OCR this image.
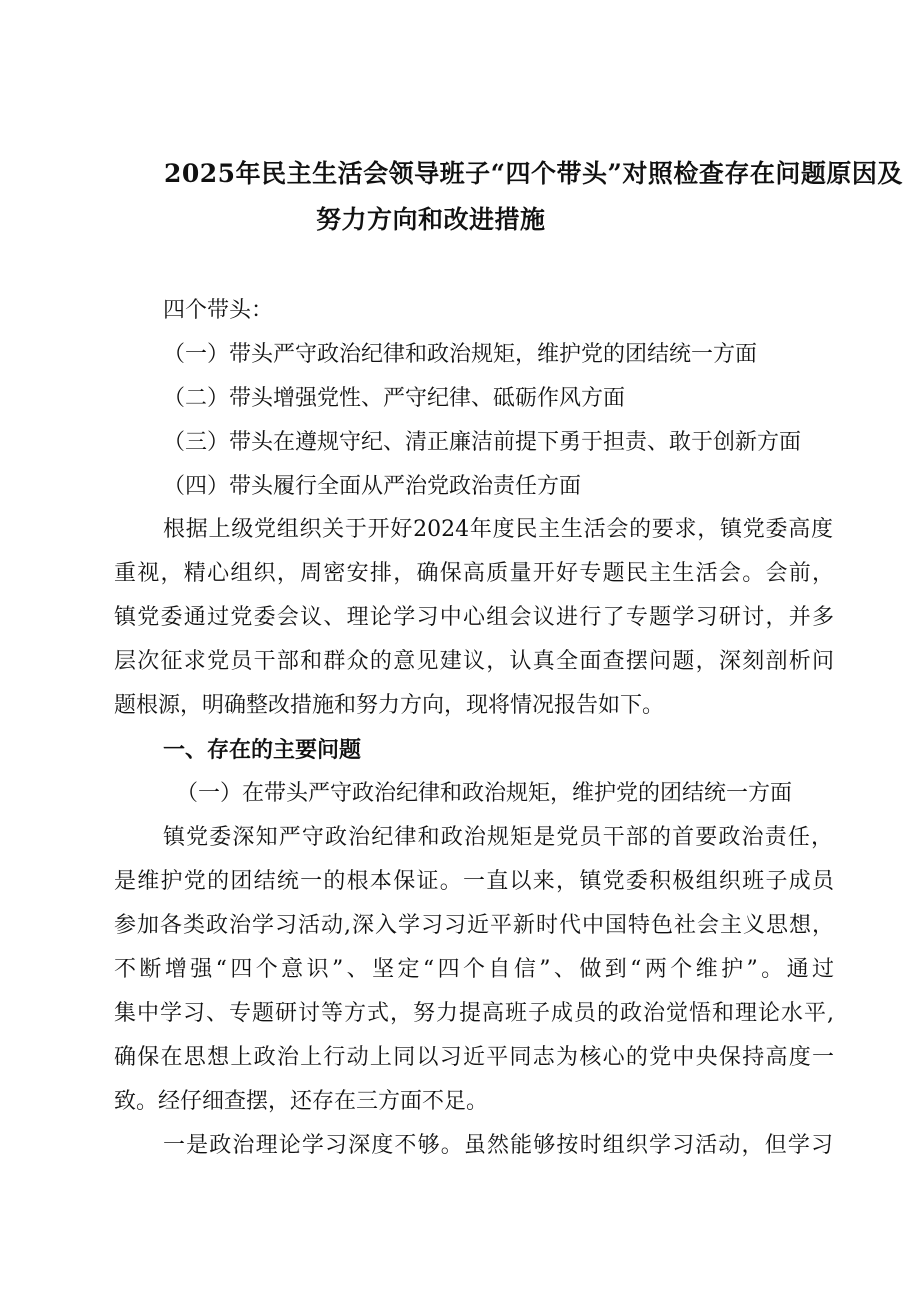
2025年民主生活会领导班子“四个带头”对照检查存在问题原因及
努力方向和改进措施
四个带头：
（一）带头严守政治纪律和政治规矩，维护党的团结统一方面
（二）带头增强党性、严守纪律、砥砺作风方面
（三）带头在遵规守纪、清正廉洁前提下勇于担责、敢于创新方面
（四）带头履行全面从严治党政治责任方面
根据上级党组织关于开好2024年度民主生活会的要求，镇党委高度
重视，精心组织，周密安排，确保高质量开好专题民主生活会。会前，
镇党委通过党委会议、理论学习中心组会议进行了专题学习研讨，并多
层次征求党员干部和群众的意见建议，认真全面查摆问题，深刻剖析问
题根源，明确整改措施和努力方向，现将情况报告如下。
一、存在的主要问题
（一）在带头严守政治纪律和政治规矩，维护党的团结统一方面
镇党委深知严守政治纪律和政治规矩是党员干部的首要政治责任，
是维护党的团结统一的根本保证。一直以来，镇党委积极组织班子成员
参加各类政治学习活动,深入学习习近平新时代中国特色社会主义思想，
不断增强“四个意识”、坚定“四个自信”、做到“两个维护”。通过
集中学习、专题研讨等方式，努力提高班子成员的政治觉悟和理论水平,
确保在思想上政治上行动上同以习近平同志为核心的党中央保持高度一
致。经仔细查摆，还存在三方面不足。
一是政治理论学习深度不够。虽然能够按时组织学习活动，但学习
